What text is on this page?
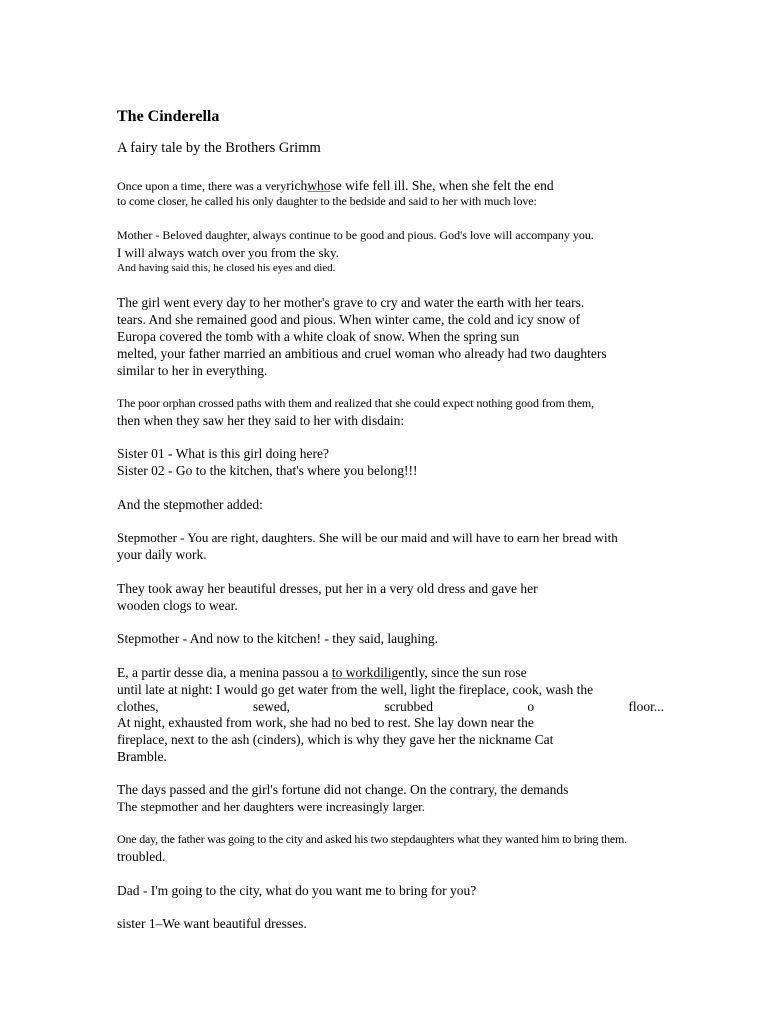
The Cinderella
A fairy tale by the Brothers Grimm
Once upon a time, there was a veryrichwhose wife fell ill. She, when she felt the end
to come closer, he called his only daughter to the bedside and said to her with much love:
Mother - Beloved daughter, always continue to be good and pious. God's love will accompany you.
I will always watch over you from the sky.
And having said this, he closed his eyes and died.
The girl went every day to her mother's grave to cry and water the earth with her tears.
tears. And she remained good and pious. When winter came, the cold and icy snow of
Europa covered the tomb with a white cloak of snow. When the spring sun
melted, your father married an ambitious and cruel woman who already had two daughters
similar to her in everything.
The poor orphan crossed paths with them and realized that she could expect nothing good from them,
then when they saw her they said to her with disdain:
Sister 01 - What is this girl doing here?
Sister 02 - Go to the kitchen, that's where you belong!!!
And the stepmother added:
Stepmother - You are right, daughters. She will be our maid and will have to earn her bread with
your daily work.
They took away her beautiful dresses, put her in a very old dress and gave her
wooden clogs to wear.
Stepmother - And now to the kitchen! - they said, laughing.
E, a partir desse dia, a menina passou a to workdiligently, since the sun rose
until late at night: I would go get water from the well, light the fireplace, cook, wash the
clothes,	sewed,	scrubbed	o	floor...
At night, exhausted from work, she had no bed to rest. She lay down near the
fireplace, next to the ash (cinders), which is why they gave her the nickname Cat
Bramble.
The days passed and the girl's fortune did not change. On the contrary, the demands
The stepmother and her daughters were increasingly larger.
One day, the father was going to the city and asked his two stepdaughters what they wanted him to bring them.
troubled.
Dad - I'm going to the city, what do you want me to bring for you?
sister 1–We want beautiful dresses.
